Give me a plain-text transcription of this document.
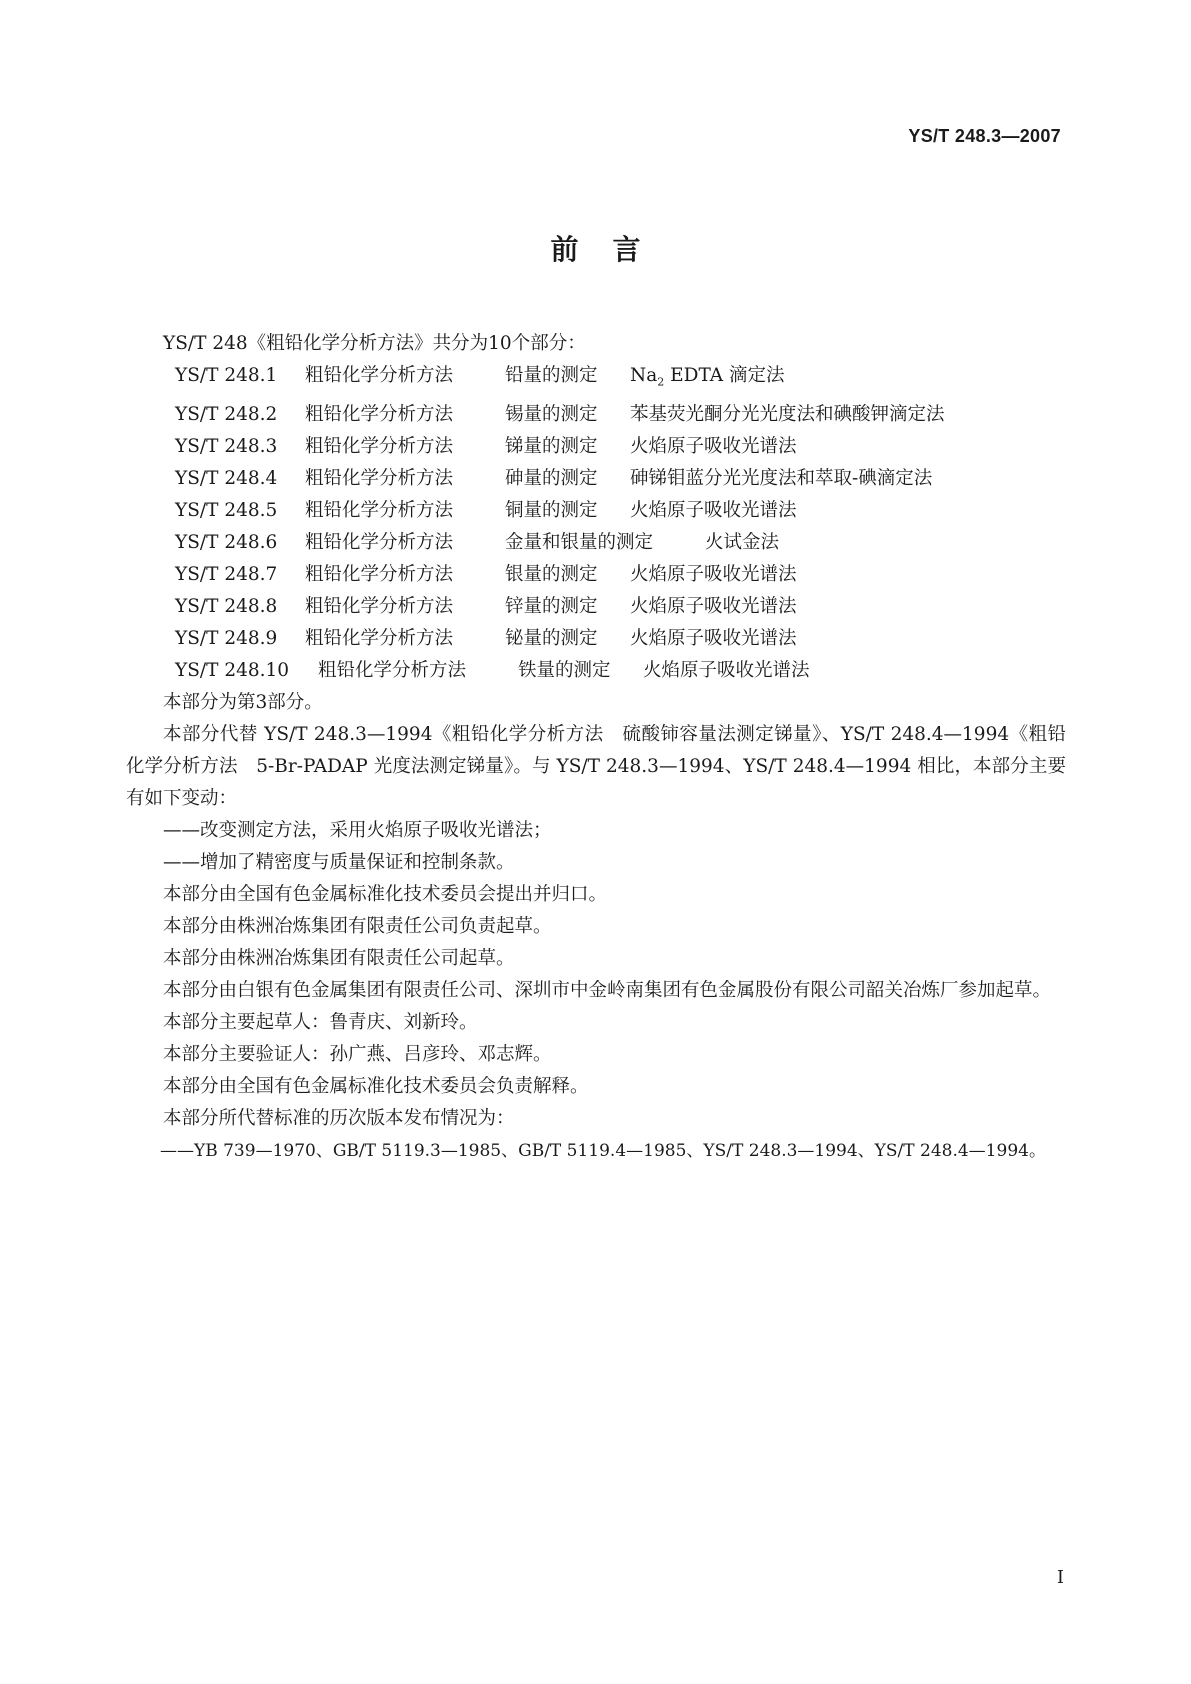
YS/T 248.3—2007
前言

YS/T 248《粗铅化学分析方法》共分为10个部分：

YS/T 248.1	粗铅化学分析方法	铅量的测定	$Na_2$ EDTA 滴定法
YS/T 248.2	粗铅化学分析方法	锡量的测定	苯基荧光酮分光光度法和碘酸钾滴定法
YS/T 248.3	粗铅化学分析方法	锑量的测定	火焰原子吸收光谱法
YS/T 248.4	粗铅化学分析方法	砷量的测定	砷锑钼蓝分光光度法和萃取-碘滴定法
YS/T 248.5	粗铅化学分析方法	铜量的测定	火焰原子吸收光谱法
YS/T 248.6	粗铅化学分析方法	金量和银量的测定	火试金法
YS/T 248.7	粗铅化学分析方法	银量的测定	火焰原子吸收光谱法
YS/T 248.8	粗铅化学分析方法	锌量的测定	火焰原子吸收光谱法
YS/T 248.9	粗铅化学分析方法	铋量的测定	火焰原子吸收光谱法
YS/T 248.10	粗铅化学分析方法	铁量的测定	火焰原子吸收光谱法

本部分为第3部分。

本部分代替 YS/T 248.3—1994《粗铅化学分析方法　硫酸铈容量法测定锑量》、YS/T 248.4—1994《粗铅化学分析方法　5-Br-PADAP 光度法测定锑量》。与 YS/T 248.3—1994、YS/T 248.4—1994 相比，本部分主要有如下变动：

——改变测定方法，采用火焰原子吸收光谱法；

——增加了精密度与质量保证和控制条款。

本部分由全国有色金属标准化技术委员会提出并归口。

本部分由株洲冶炼集团有限责任公司负责起草。

本部分由株洲冶炼集团有限责任公司起草。

本部分由白银有色金属集团有限责任公司、深圳市中金岭南集团有色金属股份有限公司韶关冶炼厂参加起草。

本部分主要起草人：鲁青庆、刘新玲。

本部分主要验证人：孙广燕、吕彦玲、邓志辉。

本部分由全国有色金属标准化技术委员会负责解释。

本部分所代替标准的历次版本发布情况为：

——YB 739—1970、GB/T 5119.3—1985、GB/T 5119.4—1985、YS/T 248.3—1994、YS/T 248.4—1994。

I
